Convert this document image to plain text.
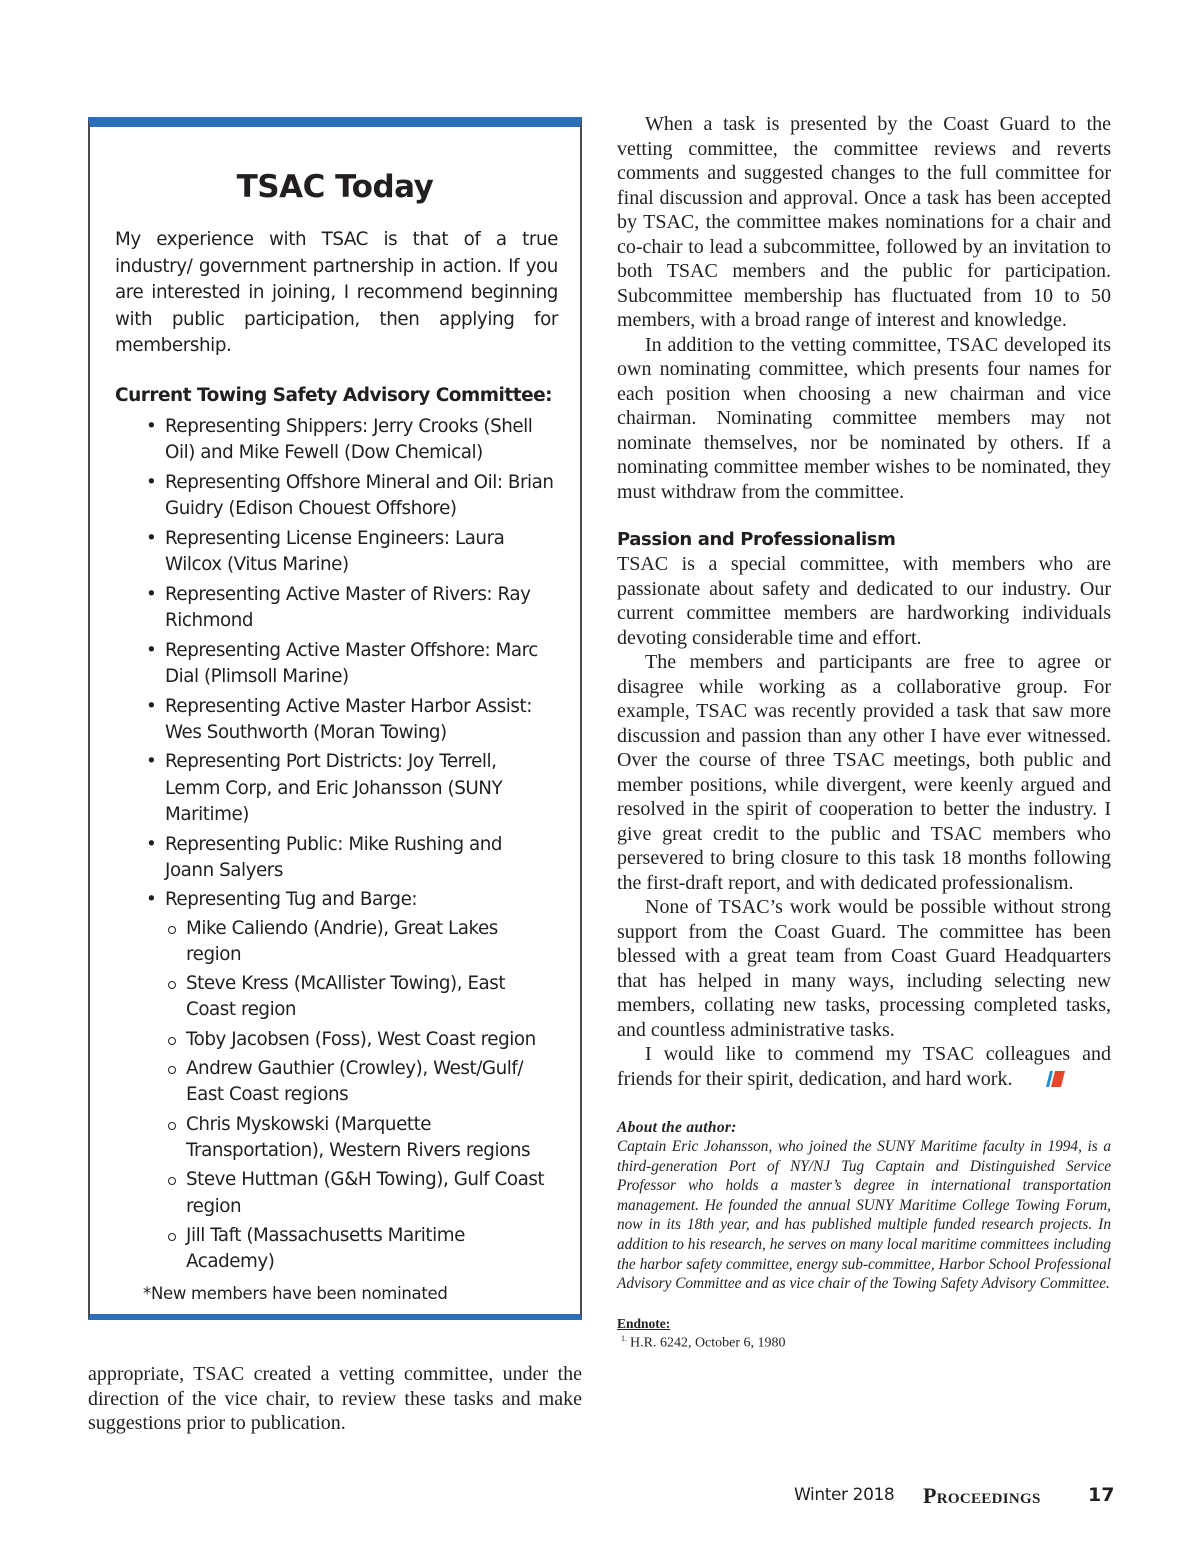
TSAC Today

My experience with TSAC is that of a true industry/ government partnership in action. If you are interested in joining, I recommend beginning with public participation, then applying for membership.

Current Towing Safety Advisory Committee:
• Representing Shippers: Jerry Crooks (Shell Oil) and Mike Fewell (Dow Chemical)
• Representing Offshore Mineral and Oil: Brian Guidry (Edison Chouest Offshore)
• Representing License Engineers: Laura Wilcox (Vitus Marine)
• Representing Active Master of Rivers: Ray Richmond
• Representing Active Master Offshore: Marc Dial (Plimsoll Marine)
• Representing Active Master Harbor Assist: Wes Southworth (Moran Towing)
• Representing Port Districts: Joy Terrell, Lemm Corp, and Eric Johansson (SUNY Maritime)
• Representing Public: Mike Rushing and Joann Salyers
• Representing Tug and Barge:
Mike Caliendo (Andrie), Great Lakes region
Steve Kress (McAllister Towing), East Coast region
Toby Jacobsen (Foss), West Coast region
Andrew Gauthier (Crowley), West/Gulf/ East Coast regions
Chris Myskowski (Marquette Transportation), Western Rivers regions
Steve Huttman (G&H Towing), Gulf Coast region
Jill Taft (Massachusetts Maritime Academy)

*New members have been nominated

appropriate, TSAC created a vetting committee, under the direction of the vice chair, to review these tasks and make suggestions prior to publication.

When a task is presented by the Coast Guard to the vetting committee, the committee reviews and reverts comments and suggested changes to the full committee for final discussion and approval. Once a task has been accepted by TSAC, the committee makes nominations for a chair and co-chair to lead a subcommittee, followed by an invitation to both TSAC members and the public for participation. Subcommittee membership has fluctuated from 10 to 50 members, with a broad range of interest and knowledge.

In addition to the vetting committee, TSAC developed its own nominating committee, which presents four names for each position when choosing a new chairman and vice chairman. Nominating committee members may not nominate themselves, nor be nominated by others. If a nominating committee member wishes to be nominated, they must withdraw from the committee.

Passion and Professionalism

TSAC is a special committee, with members who are passionate about safety and dedicated to our industry. Our current committee members are hardworking individuals devoting considerable time and effort.

The members and participants are free to agree or disagree while working as a collaborative group. For example, TSAC was recently provided a task that saw more discussion and passion than any other I have ever witnessed. Over the course of three TSAC meetings, both public and member positions, while divergent, were keenly argued and resolved in the spirit of cooperation to better the industry. I give great credit to the public and TSAC members who persevered to bring closure to this task 18 months following the first-draft report, and with dedicated professionalism.

None of TSAC’s work would be possible without strong support from the Coast Guard. The committee has been blessed with a great team from Coast Guard Headquarters that has helped in many ways, including selecting new members, collating new tasks, processing completed tasks, and countless administrative tasks.

I would like to commend my TSAC colleagues and friends for their spirit, dedication, and hard work.

About the author:

Captain Eric Johansson, who joined the SUNY Maritime faculty in 1994, is a third-generation Port of NY/NJ Tug Captain and Distinguished Service Professor who holds a master’s degree in international transportation management. He founded the annual SUNY Maritime College Towing Forum, now in its 18th year, and has published multiple funded research projects. In addition to his research, he serves on many local maritime committees including the harbor safety committee, energy sub-committee, Harbor School Professional Advisory Committee and as vice chair of the Towing Safety Advisory Committee.

Endnote:

$^{1.}$ H.R. 6242, October 6, 1980

Winter 2018 Proceedings 17
